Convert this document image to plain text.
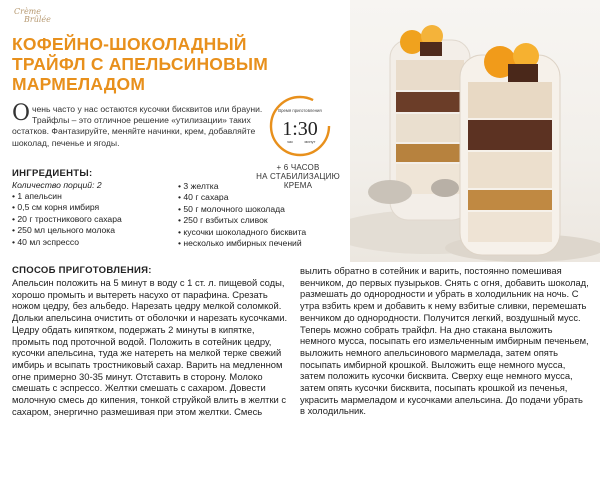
Crème
Brûlée
КОФЕЙНО-ШОКОЛАДНЫЙ
ТРАЙФЛ С АПЕЛЬСИНОВЫМ
МАРМЕЛАДОМ
Очень часто у нас остаются кусочки бисквитов или брауни. Трайфлы – это отличное решение «утилизации» таких остатков. Фантазируйте, меняйте начинки, крем, добавляйте шоколад, печенье и ягоды.
Время приготовления
1:30
час	минут
+ 6 ЧАСОВ
НА СТАБИЛИЗАЦИЮ
КРЕМА
ИНГРЕДИЕНТЫ:
Количество порций: 2
• 1 апельсин
• 0,5 см корня имбиря
• 20 г тростникового сахара
• 250 мл цельного молока
• 40 мл эспрессо
• 3 желтка
• 40 г сахара
• 50 г молочного шоколада
• 250 г взбитых сливок
• кусочки шоколадного бисквита
• несколько имбирных печений
СПОСОБ ПРИГОТОВЛЕНИЯ:
Апельсин положить на 5 минут в воду с 1 ст. л. пищевой соды, хорошо промыть и вытереть насухо от парафина. Срезать ножом цедру, без альбедо. Нарезать цедру мелкой соломкой. Дольки апельсина очистить от оболочки и нарезать кусочками. Цедру обдать кипятком, подержать 2 минуты в кипятке, промыть под проточной водой. Положить в сотейник цедру, кусочки апельсина, туда же натереть на мелкой терке свежий имбирь и всыпать тростниковый сахар. Варить на медленном огне примерно 30-35 минут. Отставить в сторону. Молоко смешать с эспрессо. Желтки смешать с сахаром. Довести молочную смесь до кипения, тонкой струйкой влить в желтки с сахаром, энергично размешивая при этом желтки. Смесь
вылить обратно в сотейник и варить, постоянно помешивая венчиком, до первых пузырьков. Снять с огня, добавить шоколад, размешать до однородности и убрать в холодильник на ночь. С утра взбить крем и добавить к нему взбитые сливки, перемешать венчиком до однородности. Получится легкий, воздушный мусс. Теперь можно собрать трайфл. На дно стакана выложить немного мусса, посыпать его измельченным имбирным печеньем, выложить немного апельсинового мармелада, затем опять посыпать имбирной крошкой. Выложить еще немного мусса, затем положить кусочки бисквита. Сверху еще немного мусса, затем опять кусочки бисквита, посыпать крошкой из печенья, украсить мармеладом и кусочками апельсина. До подачи убрать в холодильник.
